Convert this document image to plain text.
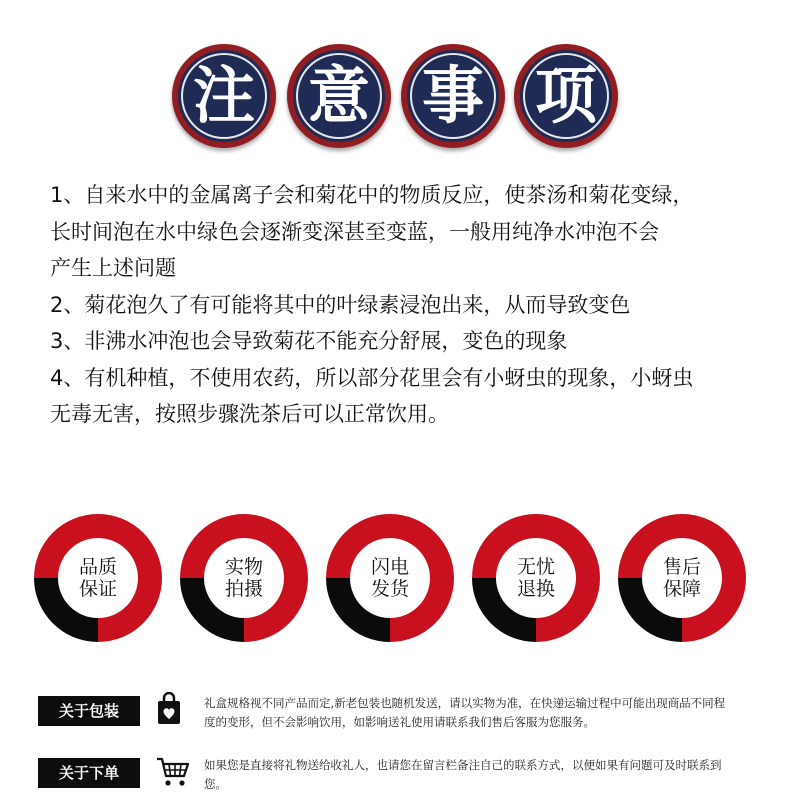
注 意 事 项

1、自来水中的金属离子会和菊花中的物质反应，使茶汤和菊花变绿，

长时间泡在水中绿色会逐渐变深甚至变蓝，一般用纯净水冲泡不会

产生上述问题

2、菊花泡久了有可能将其中的叶绿素浸泡出来，从而导致变色

3、非沸水冲泡也会导致菊花不能充分舒展，变色的现象

4、有机种植，不使用农药，所以部分花里会有小蚜虫的现象，小蚜虫

无毒无害，按照步骤洗茶后可以正常饮用。

品质
保证
实物
拍摄
闪电
发货
无忧
退换
售后
保障
关于包装	礼盒规格视不同产品而定,新老包装也随机发送，请以实物为准，在快递运输过程中可能出现商品不同程度的变形，但不会影响饮用，如影响送礼使用请联系我们售后客服为您服务。
关于下单	如果您是直接将礼物送给收礼人，也请您在留言栏备注自己的联系方式，以便如果有问题可及时联系到您。
